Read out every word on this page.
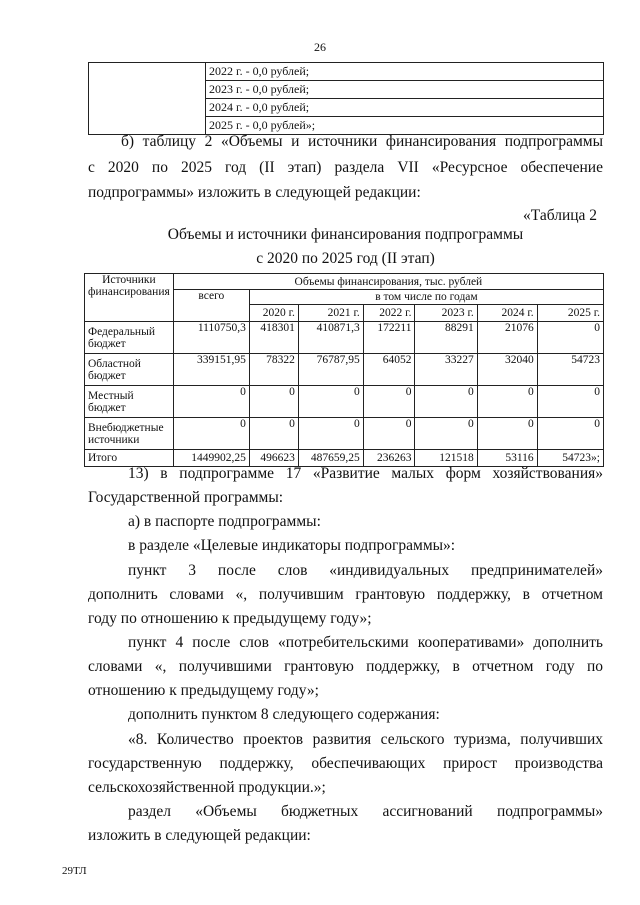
26
	2022 г. - 0,0 рублей;
2023 г. - 0,0 рублей;
2024 г. - 0,0 рублей;
2025 г. - 0,0 рублей»;
б) таблицу 2 «Объемы и источники финансирования подпрограммы
с 2020 по 2025 год (II этап) раздела VII «Ресурсное обеспечение
подпрограммы» изложить в следующей редакции:
«Таблица 2
Объемы и источники финансирования подпрограммы
с 2020 по 2025 год (II этап)
Источники финансирования	Объемы финансирования, тыс. рублей						
	всего	в том числе по годам					
		2020 г.	2021 г.	2022 г.	2023 г.	2024 г.	2025 г.
Федеральный бюджет	1110750,3	418301	410871,3	172211	88291	21076	0
Областной бюджет	339151,95	78322	76787,95	64052	33227	32040	54723
Местный бюджет	0	0	0	0	0	0	0
Внебюджетные источники	0	0	0	0	0	0	0
Итого	1449902,25	496623	487659,25	236263	121518	53116	54723»;
13) в подпрограмме 17 «Развитие малых форм хозяйствования»
Государственной программы:
а) в паспорте подпрограммы:
в разделе «Целевые индикаторы подпрограммы»:
пункт 3 после слов «индивидуальных предпринимателей»
дополнить словами «, получившим грантовую поддержку, в отчетном
году по отношению к предыдущему году»;
пункт 4 после слов «потребительскими кооперативами» дополнить
словами «, получившими грантовую поддержку, в отчетном году по
отношению к предыдущему году»;
дополнить пунктом 8 следующего содержания:
«8. Количество проектов развития сельского туризма, получивших
государственную поддержку, обеспечивающих прирост производства
сельскохозяйственной продукции.»;
раздел «Объемы бюджетных ассигнований подпрограммы»
изложить в следующей редакции:
29ТЛ
